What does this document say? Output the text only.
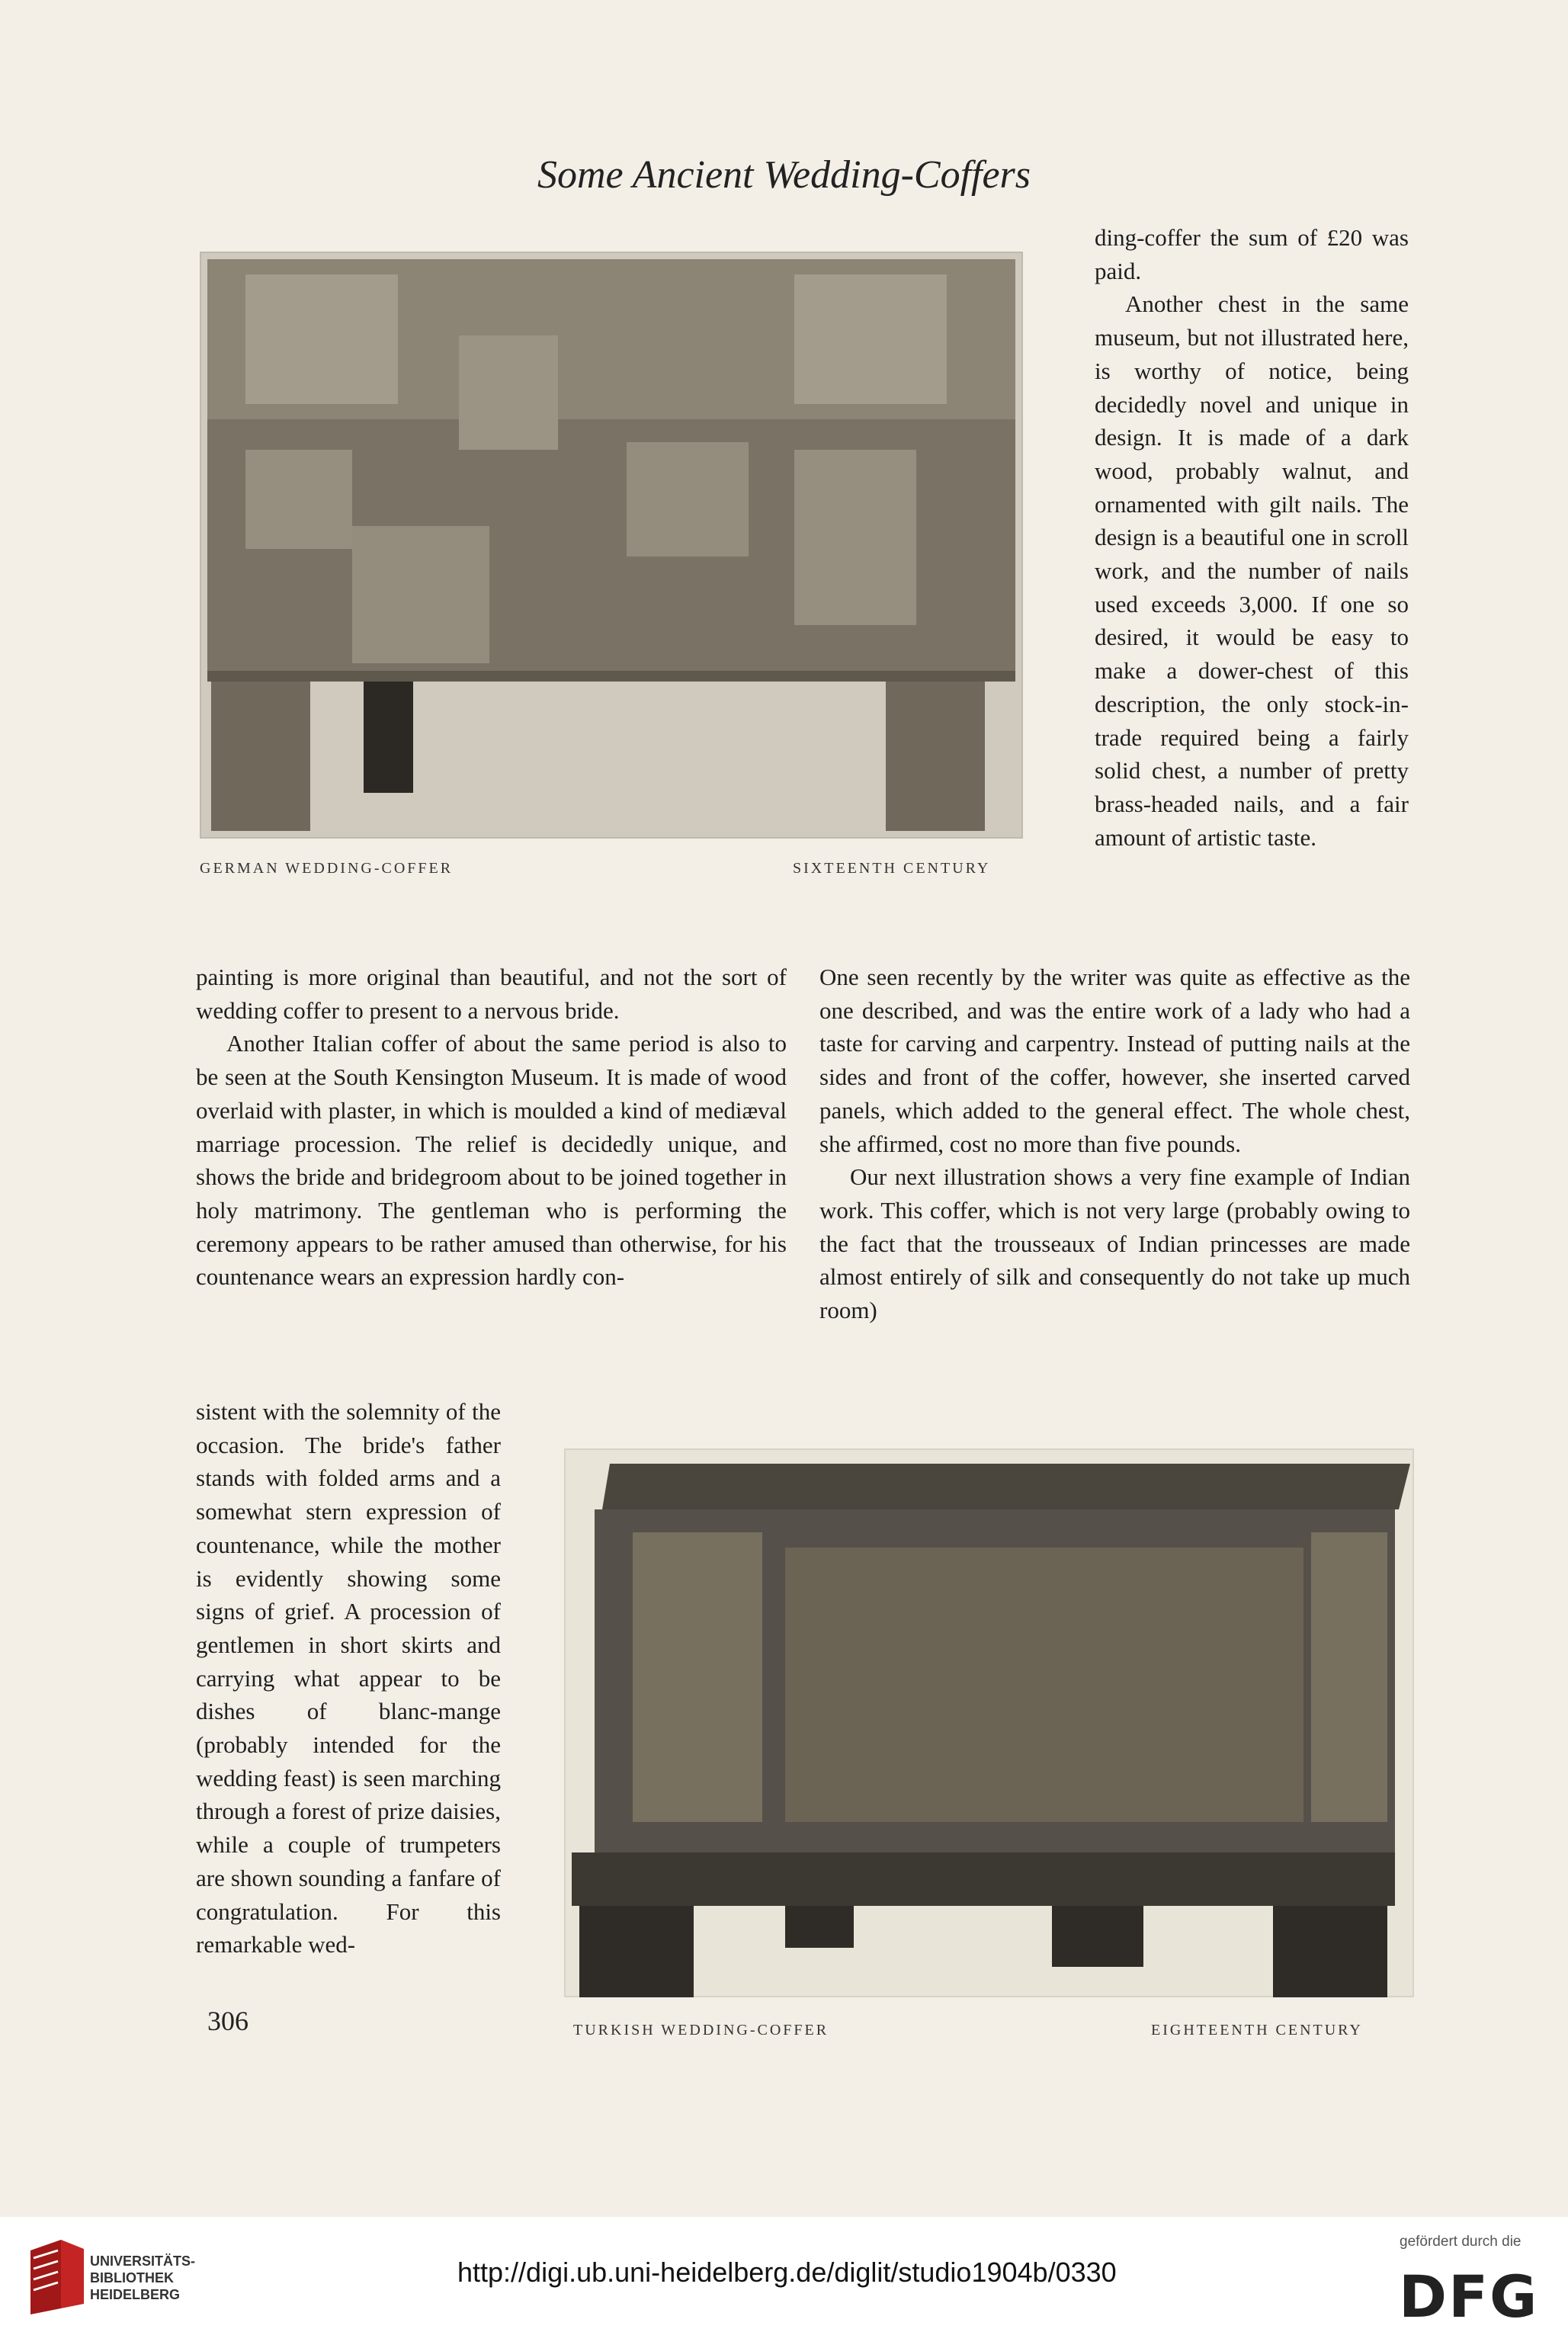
Some Ancient Wedding-Coffers
GERMAN WEDDING-COFFER	SIXTEENTH CENTURY

ding-coffer the sum of £20 was paid.

Another chest in the same museum, but not illustrated here, is worthy of notice, being decidedly novel and unique in design. It is made of a dark wood, probably walnut, and ornamented with gilt nails. The design is a beautiful one in scroll work, and the number of nails used exceeds 3,000. If one so desired, it would be easy to make a dower-chest of this description, the only stock-in-trade required being a fairly solid chest, a number of pretty brass-headed nails, and a fair amount of artistic taste.

painting is more original than beautiful, and not the sort of wedding coffer to present to a nervous bride.

Another Italian coffer of about the same period is also to be seen at the South Kensington Museum. It is made of wood overlaid with plaster, in which is moulded a kind of mediæval marriage procession. The relief is decidedly unique, and shows the bride and bridegroom about to be joined together in holy matrimony. The gentleman who is performing the ceremony appears to be rather amused than otherwise, for his countenance wears an expression hardly con-

sistent with the solemnity of the occasion. The bride's father stands with folded arms and a somewhat stern expression of countenance, while the mother is evidently showing some signs of grief. A procession of gentlemen in short skirts and carrying what appear to be dishes of blanc-mange (probably intended for the wedding feast) is seen marching through a forest of prize daisies, while a couple of trumpeters are shown sounding a fanfare of congratulation. For this remarkable wed-

One seen recently by the writer was quite as effective as the one described, and was the entire work of a lady who had a taste for carving and carpentry. Instead of putting nails at the sides and front of the coffer, however, she inserted carved panels, which added to the general effect. The whole chest, she affirmed, cost no more than five pounds.

Our next illustration shows a very fine example of Indian work. This coffer, which is not very large (probably owing to the fact that the trousseaux of Indian princesses are made almost entirely of silk and consequently do not take up much room)

TURKISH WEDDING-COFFER	EIGHTEENTH CENTURY
306
UNIVERSITÄTS-
BIBLIOTHEK
HEIDELBERG
http://digi.ub.uni-heidelberg.de/diglit/studio1904b/0330
gefördert durch die
DFG
